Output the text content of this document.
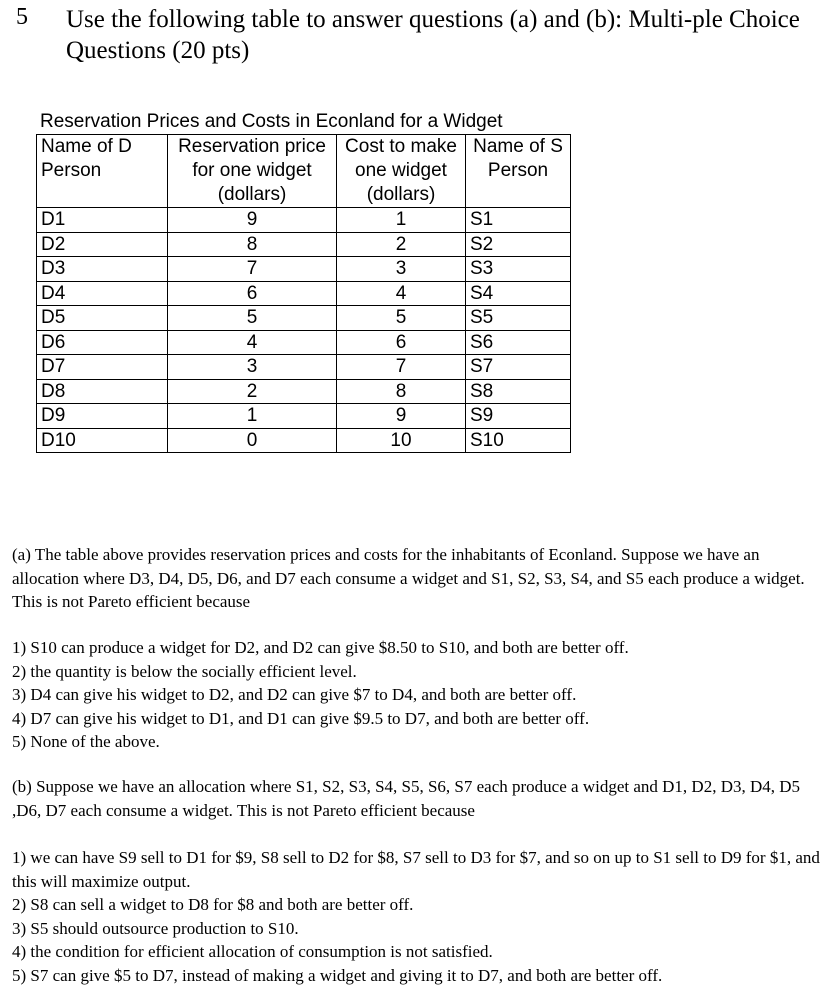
5 Use the following table to answer questions (a) and (b): Multi-ple Choice Questions (20 pts)
Reservation Prices and Costs in Econland for a Widget
Name of D Person	Reservation price for one widget (dollars)	Cost to make one widget (dollars)	Name of S Person
D1	9	1	S1
D2	8	2	S2
D3	7	3	S3
D4	6	4	S4
D5	5	5	S5
D6	4	6	S6
D7	3	7	S7
D8	2	8	S8
D9	1	9	S9
D10	0	10	S10

(a) The table above provides reservation prices and costs for the inhabitants of Econland. Suppose we have an allocation where D3, D4, D5, D6, and D7 each consume a widget and S1, S2, S3, S4, and S5 each produce a widget. This is not Pareto efficient because

1) S10 can produce a widget for D2, and D2 can give $8.50 to S10, and both are better off.

2) the quantity is below the socially efficient level.

3) D4 can give his widget to D2, and D2 can give $7 to D4, and both are better off.

4) D7 can give his widget to D1, and D1 can give $9.5 to D7, and both are better off.

5) None of the above.

(b) Suppose we have an allocation where S1, S2, S3, S4, S5, S6, S7 each produce a widget and D1, D2, D3, D4, D5 ,D6, D7 each consume a widget. This is not Pareto efficient because

1) we can have S9 sell to D1 for $9, S8 sell to D2 for $8, S7 sell to D3 for $7, and so on up to S1 sell to D9 for $1, and this will maximize output.

2) S8 can sell a widget to D8 for $8 and both are better off.

3) S5 should outsource production to S10.

4) the condition for efficient allocation of consumption is not satisfied.

5) S7 can give $5 to D7, instead of making a widget and giving it to D7, and both are better off.
